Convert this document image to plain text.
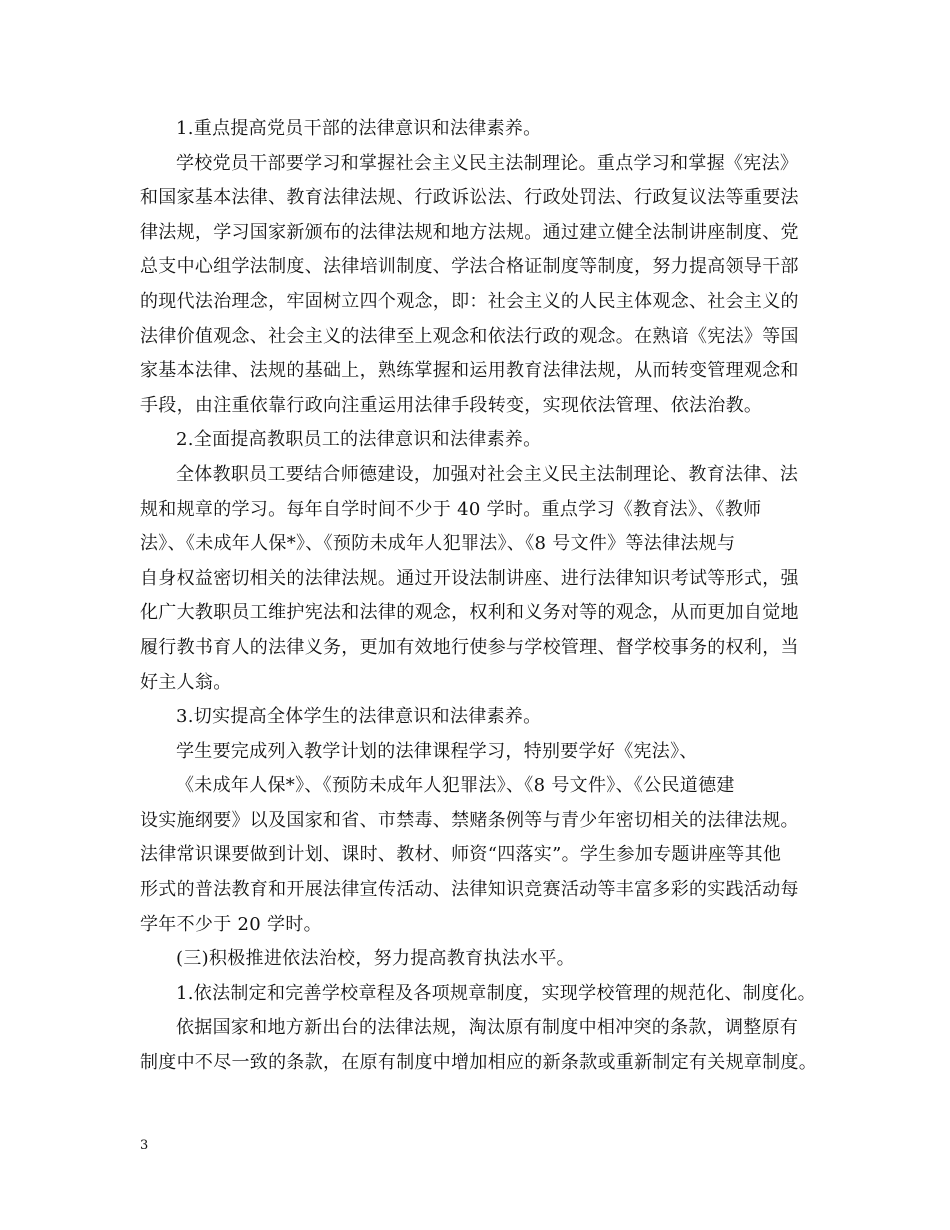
1.重点提高党员干部的法律意识和法律素养。
学校党员干部要学习和掌握社会主义民主法制理论。重点学习和掌握《宪法》
和国家基本法律、教育法律法规、行政诉讼法、行政处罚法、行政复议法等重要法
律法规，学习国家新颁布的法律法规和地方法规。通过建立健全法制讲座制度、党
总支中心组学法制度、法律培训制度、学法合格证制度等制度，努力提高领导干部
的现代法治理念，牢固树立四个观念，即：社会主义的人民主体观念、社会主义的
法律价值观念、社会主义的法律至上观念和依法行政的观念。在熟谙《宪法》等国
家基本法律、法规的基础上，熟练掌握和运用教育法律法规，从而转变管理观念和
手段，由注重依靠行政向注重运用法律手段转变，实现依法管理、依法治教。
2.全面提高教职员工的法律意识和法律素养。
全体教职员工要结合师德建设，加强对社会主义民主法制理论、教育法律、法
规和规章的学习。每年自学时间不少于 40 学时。重点学习《教育法》、《教师
法》、《未成年人保*》、《预防未成年人犯罪法》、《8 号文件》等法律法规与
自身权益密切相关的法律法规。通过开设法制讲座、进行法律知识考试等形式，强
化广大教职员工维护宪法和法律的观念，权利和义务对等的观念，从而更加自觉地
履行教书育人的法律义务，更加有效地行使参与学校管理、督学校事务的权利，当
好主人翁。
3.切实提高全体学生的法律意识和法律素养。
学生要完成列入教学计划的法律课程学习，特别要学好《宪法》、
《未成年人保*》、《预防未成年人犯罪法》、《8 号文件》、《公民道德建
设实施纲要》以及国家和省、市禁毒、禁赌条例等与青少年密切相关的法律法规。
法律常识课要做到计划、课时、教材、师资“四落实”。学生参加专题讲座等其他
形式的普法教育和开展法律宣传活动、法律知识竞赛活动等丰富多彩的实践活动每
学年不少于 20 学时。
(三)积极推进依法治校，努力提高教育执法水平。
1.依法制定和完善学校章程及各项规章制度，实现学校管理的规范化、制度化。
依据国家和地方新出台的法律法规，淘汰原有制度中相冲突的条款，调整原有
制度中不尽一致的条款，在原有制度中增加相应的新条款或重新制定有关规章制度。
3
